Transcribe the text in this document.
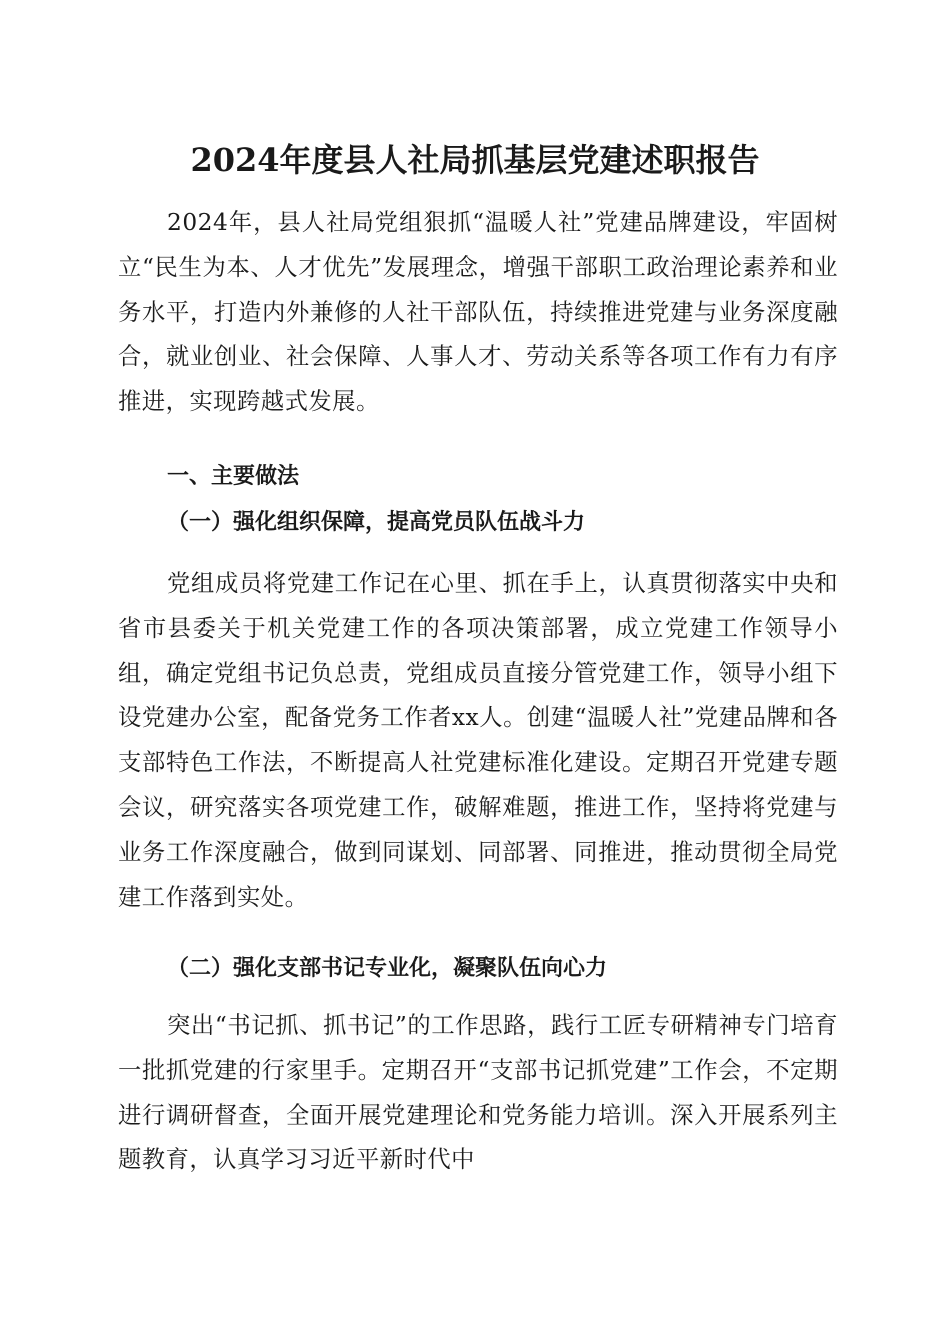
2024年度县人社局抓基层党建述职报告

2024年，县人社局党组狠抓“温暖人社”党建品牌建设，牢固树立“民生为本、人才优先”发展理念，增强干部职工政治理论素养和业务水平，打造内外兼修的人社干部队伍，持续推进党建与业务深度融合，就业创业、社会保障、人事人才、劳动关系等各项工作有力有序推进，实现跨越式发展。

一、主要做法
（一）强化组织保障，提高党员队伍战斗力

党组成员将党建工作记在心里、抓在手上，认真贯彻落实中央和省市县委关于机关党建工作的各项决策部署，成立党建工作领导小组，确定党组书记负总责，党组成员直接分管党建工作，领导小组下设党建办公室，配备党务工作者xx人。创建“温暖人社”党建品牌和各支部特色工作法，不断提高人社党建标准化建设。定期召开党建专题会议，研究落实各项党建工作，破解难题，推进工作，坚持将党建与业务工作深度融合，做到同谋划、同部署、同推进，推动贯彻全局党建工作落到实处。

（二）强化支部书记专业化，凝聚队伍向心力

突出“书记抓、抓书记”的工作思路，践行工匠专研精神专门培育一批抓党建的行家里手。定期召开“支部书记抓党建”工作会，不定期进行调研督查，全面开展党建理论和党务能力培训。深入开展系列主题教育，认真学习习近平新时代中
